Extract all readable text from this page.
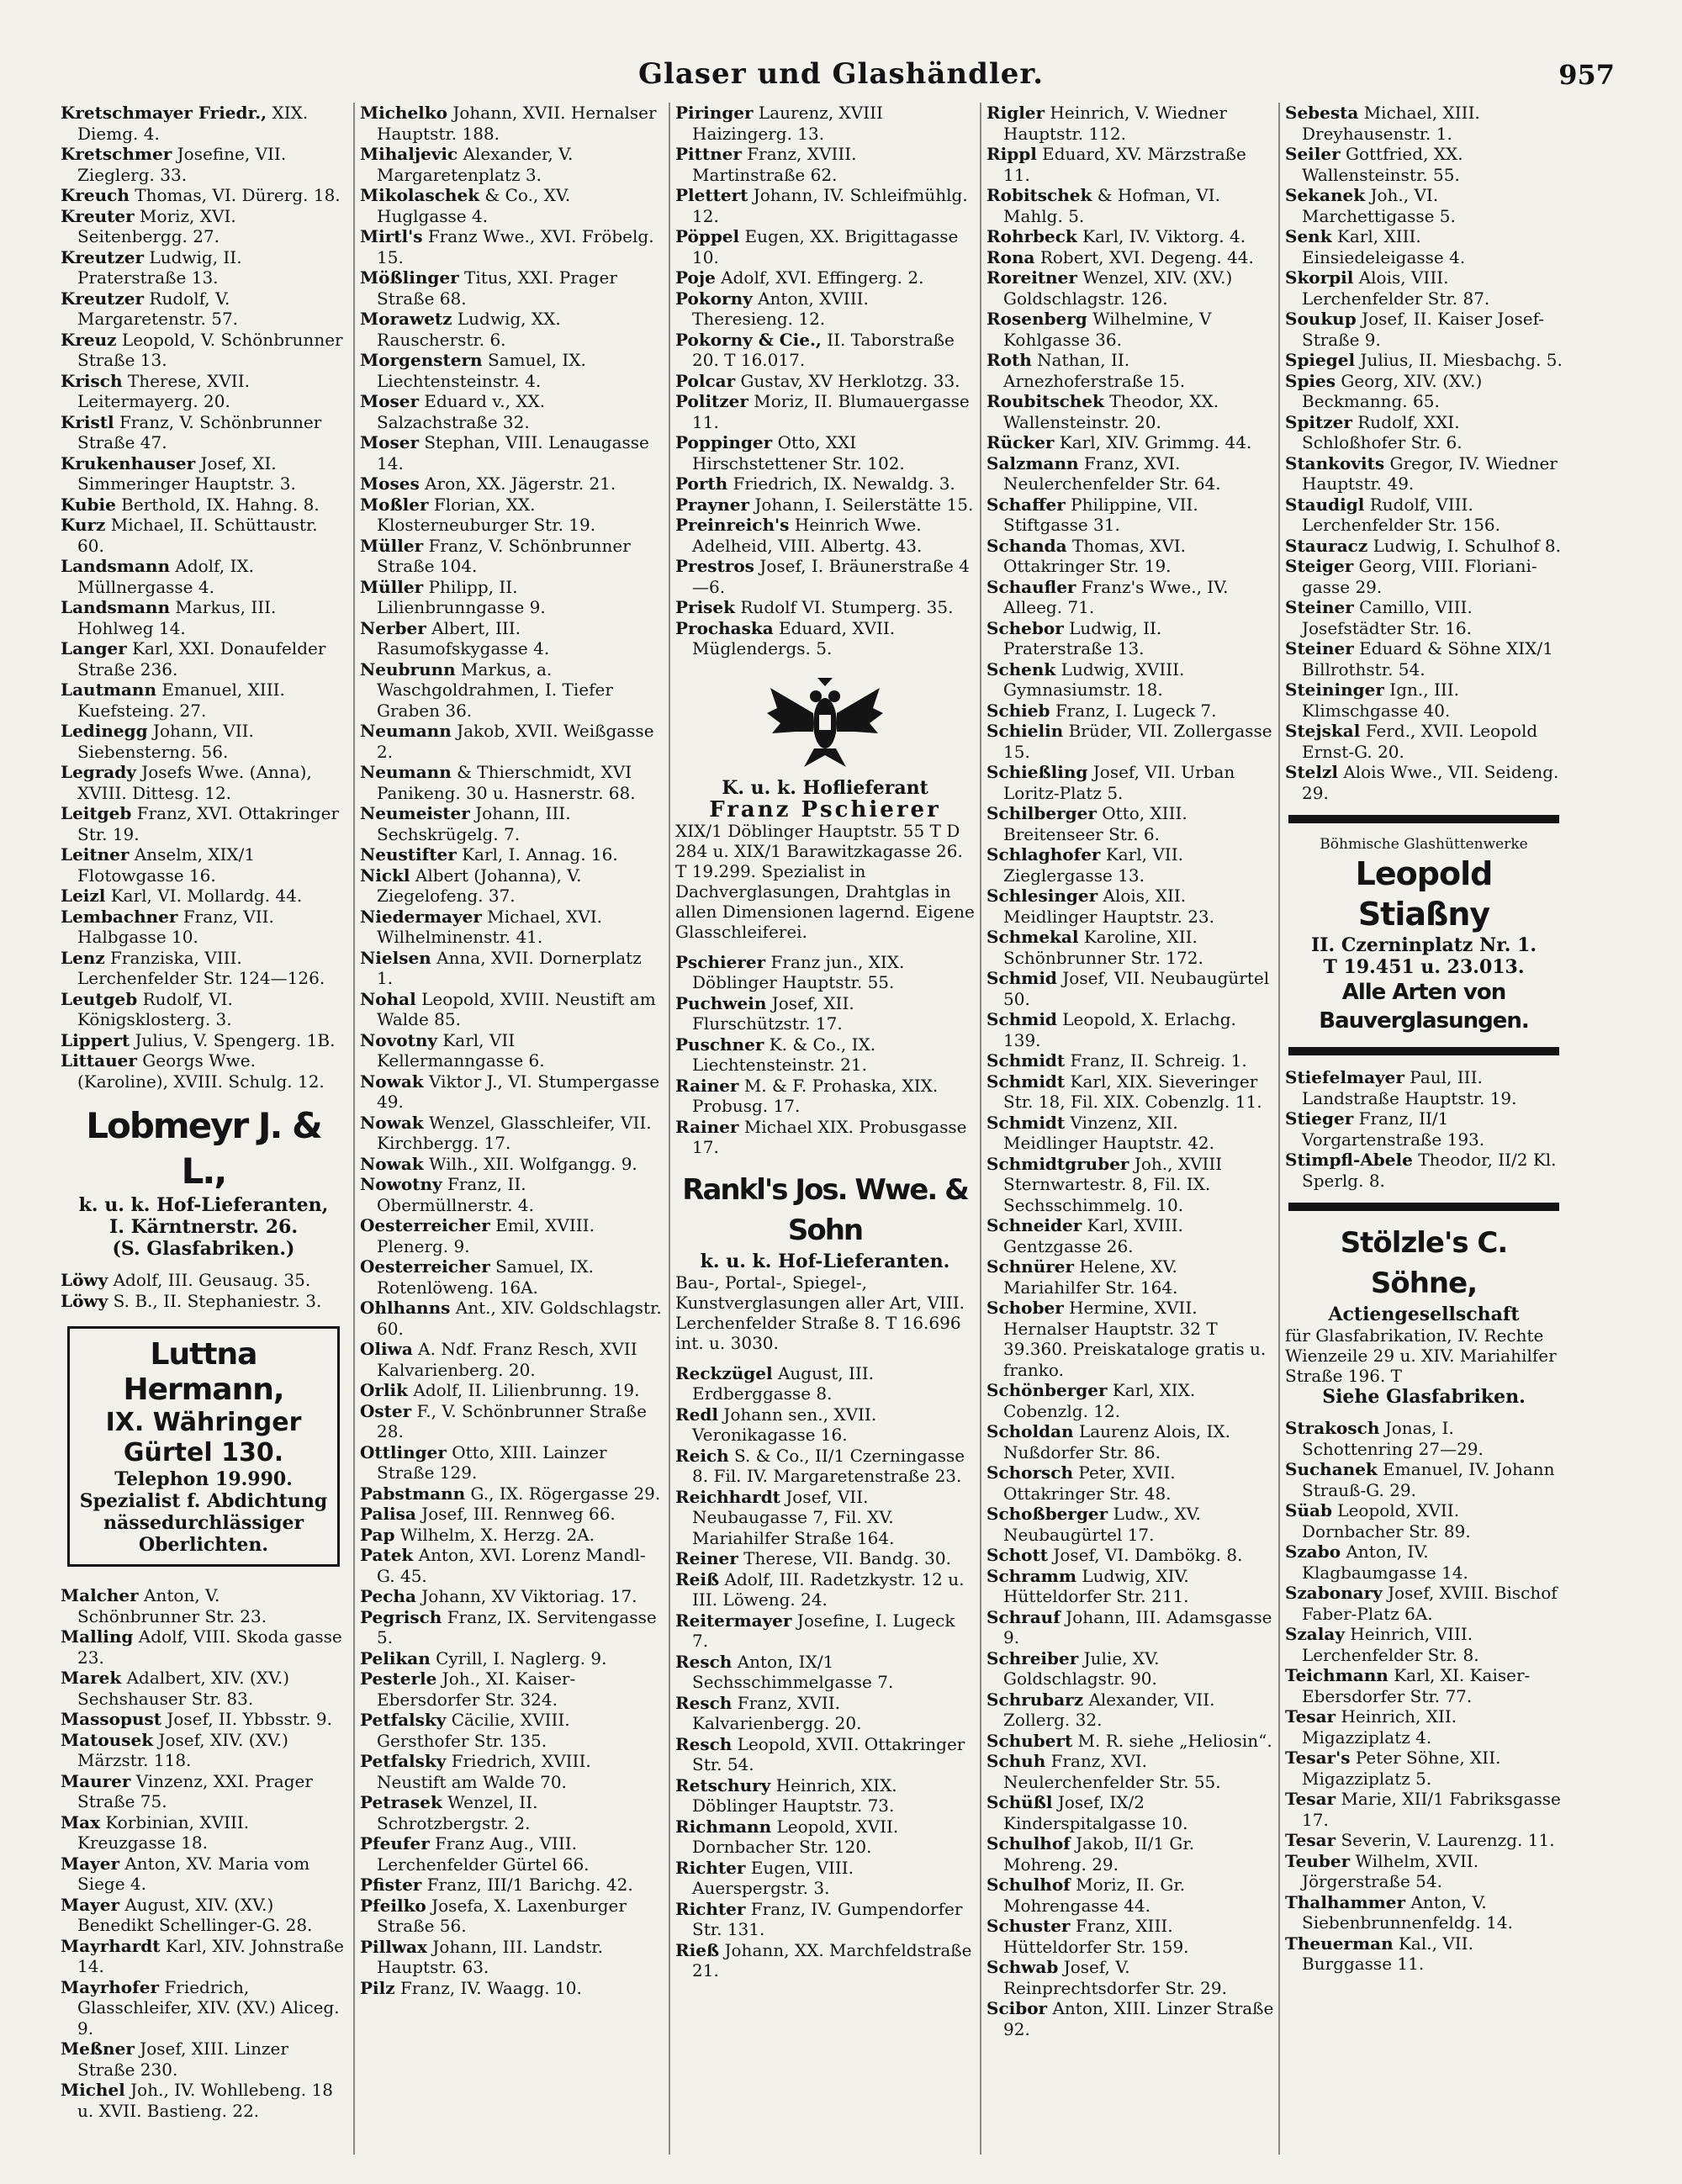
Glaser und Glashändler.	957
Kretschmayer Friedr., XIX. Diemg. 4.
Kretschmer Josefine, VII. Zieglerg. 33.
Kreuch Thomas, VI. Dürerg. 18.
Kreuter Moriz, XVI. Seitenbergg. 27.
Kreutzer Ludwig, II. Praterstraße 13.
Kreutzer Rudolf, V. Margaretenstr. 57.
Kreuz Leopold, V. Schönbrunner Straße 13.
Krisch Therese, XVII. Leitermayerg. 20.
Kristl Franz, V. Schönbrunner Straße 47.
Krukenhauser Josef, XI. Simmeringer Hauptstr. 3.
Kubie Berthold, IX. Hahng. 8.
Kurz Michael, II. Schüttaustr. 60.
Landsmann Adolf, IX. Müllnergasse 4.
Landsmann Markus, III. Hohlweg 14.
Langer Karl, XXI. Donaufelder Straße 236.
Lautmann Emanuel, XIII. Kuefsteing. 27.
Ledinegg Johann, VII. Siebensterng. 56.
Legrady Josefs Wwe. (Anna), XVIII. Dittesg. 12.
Leitgeb Franz, XVI. Ottakringer Str. 19.
Leitner Anselm, XIX/1 Flotowgasse 16.
Leizl Karl, VI. Mollardg. 44.
Lembachner Franz, VII. Halbgasse 10.
Lenz Franziska, VIII. Lerchenfelder Str. 124—126.
Leutgeb Rudolf, VI. Königsklosterg. 3.
Lippert Julius, V. Spengerg. 1B.
Littauer Georgs Wwe. (Karoline), XVIII. Schulg. 12.
Lobmeyr J. & L.,
k. u. k. Hof-Lieferanten,
I. Kärntnerstr. 26.
(S. Glasfabriken.)
Löwy Adolf, III. Geusaug. 35.
Löwy S. B., II. Stephaniestr. 3.
Luttna Hermann,
IX. Währinger Gürtel 130.
Telephon 19.990.
Spezialist f. Abdichtung
nässedurchlässiger Oberlichten.
Malcher Anton, V. Schönbrunner Str. 23.
Malling Adolf, VIII. Skoda gasse 23.
Marek Adalbert, XIV. (XV.) Sechshauser Str. 83.
Massopust Josef, II. Ybbsstr. 9.
Matousek Josef, XIV. (XV.) Märzstr. 118.
Maurer Vinzenz, XXI. Prager Straße 75.
Max Korbinian, XVIII. Kreuzgasse 18.
Mayer Anton, XV. Maria vom Siege 4.
Mayer August, XIV. (XV.) Benedikt Schellinger-G. 28.
Mayrhardt Karl, XIV. Johnstraße 14.
Mayrhofer Friedrich, Glasschleifer, XIV. (XV.) Aliceg. 9.
Meßner Josef, XIII. Linzer Straße 230.
Michel Joh., IV. Wohllebeng. 18 u. XVII. Bastieng. 22.
Michelko Johann, XVII. Hernalser Hauptstr. 188.
Mihaljevic Alexander, V. Margaretenplatz 3.
Mikolaschek & Co., XV. Huglgasse 4.
Mirtl's Franz Wwe., XVI. Fröbelg. 15.
Mößlinger Titus, XXI. Prager Straße 68.
Morawetz Ludwig, XX. Rauscherstr. 6.
Morgenstern Samuel, IX. Liechtensteinstr. 4.
Moser Eduard v., XX. Salzachstraße 32.
Moser Stephan, VIII. Lenaugasse 14.
Moses Aron, XX. Jägerstr. 21.
Moßler Florian, XX. Klosterneuburger Str. 19.
Müller Franz, V. Schönbrunner Straße 104.
Müller Philipp, II. Lilienbrunngasse 9.
Nerber Albert, III. Rasumofskygasse 4.
Neubrunn Markus, a. Waschgoldrahmen, I. Tiefer Graben 36.
Neumann Jakob, XVII. Weißgasse 2.
Neumann & Thierschmidt, XVI Panikeng. 30 u. Hasnerstr. 68.
Neumeister Johann, III. Sechskrügelg. 7.
Neustifter Karl, I. Annag. 16.
Nickl Albert (Johanna), V. Ziegelofeng. 37.
Niedermayer Michael, XVI. Wilhelminenstr. 41.
Nielsen Anna, XVII. Dornerplatz 1.
Nohal Leopold, XVIII. Neustift am Walde 85.
Novotny Karl, VII Kellermanngasse 6.
Nowak Viktor J., VI. Stumpergasse 49.
Nowak Wenzel, Glasschleifer, VII. Kirchbergg. 17.
Nowak Wilh., XII. Wolfgangg. 9.
Nowotny Franz, II. Obermüllnerstr. 4.
Oesterreicher Emil, XVIII. Plenerg. 9.
Oesterreicher Samuel, IX. Rotenlöweng. 16A.
Ohlhanns Ant., XIV. Goldschlagstr. 60.
Oliwa A. Ndf. Franz Resch, XVII Kalvarienberg. 20.
Orlik Adolf, II. Lilienbrunng. 19.
Oster F., V. Schönbrunner Straße 28.
Ottlinger Otto, XIII. Lainzer Straße 129.
Pabstmann G., IX. Rögergasse 29.
Palisa Josef, III. Rennweg 66.
Pap Wilhelm, X. Herzg. 2A.
Patek Anton, XVI. Lorenz Mandl-G. 45.
Pecha Johann, XV Viktoriag. 17.
Pegrisch Franz, IX. Servitengasse 5.
Pelikan Cyrill, I. Naglerg. 9.
Pesterle Joh., XI. Kaiser-Ebersdorfer Str. 324.
Petfalsky Cäcilie, XVIII. Gersthofer Str. 135.
Petfalsky Friedrich, XVIII. Neustift am Walde 70.
Petrasek Wenzel, II. Schrotzbergstr. 2.
Pfeufer Franz Aug., VIII. Lerchenfelder Gürtel 66.
Pfister Franz, III/1 Barichg. 42.
Pfeilko Josefa, X. Laxenburger Straße 56.
Pillwax Johann, III. Landstr. Hauptstr. 63.
Pilz Franz, IV. Waagg. 10.
Piringer Laurenz, XVIII Haizingerg. 13.
Pittner Franz, XVIII. Martinstraße 62.
Plettert Johann, IV. Schleifmühlg. 12.
Pöppel Eugen, XX. Brigittagasse 10.
Poje Adolf, XVI. Effingerg. 2.
Pokorny Anton, XVIII. Theresieng. 12.
Pokorny & Cie., II. Taborstraße 20. T 16.017.
Polcar Gustav, XV Herklotzg. 33.
Politzer Moriz, II. Blumauergasse 11.
Poppinger Otto, XXI Hirschstettener Str. 102.
Porth Friedrich, IX. Newaldg. 3.
Prayner Johann, I. Seilerstätte 15.
Preinreich's Heinrich Wwe. Adelheid, VIII. Albertg. 43.
Prestros Josef, I. Bräunerstraße 4—6.
Prisek Rudolf VI. Stumperg. 35.
Prochaska Eduard, XVII. Müglendergs. 5.
K. u. k. Hoflieferant
Franz Pschierer
XIX/1 Döblinger Hauptstr. 55 T D 284 u. XIX/1 Barawitzkagasse 26. T 19.299. Spezialist in Dachverglasungen, Drahtglas in allen Dimensionen lagernd. Eigene Glasschleiferei.
Pschierer Franz jun., XIX. Döblinger Hauptstr. 55.
Puchwein Josef, XII. Flurschützstr. 17.
Puschner K. & Co., IX. Liechtensteinstr. 21.
Rainer M. & F. Prohaska, XIX. Probusg. 17.
Rainer Michael XIX. Probusgasse 17.
Rankl's Jos. Wwe. & Sohn
k. u. k. Hof-Lieferanten.
Bau-, Portal-, Spiegel-, Kunstverglasungen aller Art, VIII. Lerchenfelder Straße 8. T 16.696 int. u. 3030.
Reckzügel August, III. Erdberggasse 8.
Redl Johann sen., XVII. Veronikagasse 16.
Reich S. & Co., II/1 Czerningasse 8. Fil. IV. Margaretenstraße 23.
Reichhardt Josef, VII. Neubaugasse 7, Fil. XV. Mariahilfer Straße 164.
Reiner Therese, VII. Bandg. 30.
Reiß Adolf, III. Radetzkystr. 12 u. III. Löweng. 24.
Reitermayer Josefine, I. Lugeck 7.
Resch Anton, IX/1 Sechsschimmelgasse 7.
Resch Franz, XVII. Kalvarienbergg. 20.
Resch Leopold, XVII. Ottakringer Str. 54.
Retschury Heinrich, XIX. Döblinger Hauptstr. 73.
Richmann Leopold, XVII. Dornbacher Str. 120.
Richter Eugen, VIII. Auerspergstr. 3.
Richter Franz, IV. Gumpendorfer Str. 131.
Rieß Johann, XX. Marchfeldstraße 21.
Rigler Heinrich, V. Wiedner Hauptstr. 112.
Rippl Eduard, XV. Märzstraße 11.
Robitschek & Hofman, VI. Mahlg. 5.
Rohrbeck Karl, IV. Viktorg. 4.
Rona Robert, XVI. Degeng. 44.
Roreitner Wenzel, XIV. (XV.) Goldschlagstr. 126.
Rosenberg Wilhelmine, V Kohlgasse 36.
Roth Nathan, II. Arnezhoferstraße 15.
Roubitschek Theodor, XX. Wallensteinstr. 20.
Rücker Karl, XIV. Grimmg. 44.
Salzmann Franz, XVI. Neulerchenfelder Str. 64.
Schaffer Philippine, VII. Stiftgasse 31.
Schanda Thomas, XVI. Ottakringer Str. 19.
Schaufler Franz's Wwe., IV. Alleeg. 71.
Schebor Ludwig, II. Praterstraße 13.
Schenk Ludwig, XVIII. Gymnasiumstr. 18.
Schieb Franz, I. Lugeck 7.
Schielin Brüder, VII. Zollergasse 15.
Schießling Josef, VII. Urban Loritz-Platz 5.
Schilberger Otto, XIII. Breitenseer Str. 6.
Schlaghofer Karl, VII. Zieglergasse 13.
Schlesinger Alois, XII. Meidlinger Hauptstr. 23.
Schmekal Karoline, XII. Schönbrunner Str. 172.
Schmid Josef, VII. Neubaugürtel 50.
Schmid Leopold, X. Erlachg. 139.
Schmidt Franz, II. Schreig. 1.
Schmidt Karl, XIX. Sieveringer Str. 18, Fil. XIX. Cobenzlg. 11.
Schmidt Vinzenz, XII. Meidlinger Hauptstr. 42.
Schmidtgruber Joh., XVIII Sternwartestr. 8, Fil. IX. Sechsschimmelg. 10.
Schneider Karl, XVIII. Gentzgasse 26.
Schnürer Helene, XV. Mariahilfer Str. 164.
Schober Hermine, XVII. Hernalser Hauptstr. 32 T 39.360. Preiskataloge gratis u. franko.
Schönberger Karl, XIX. Cobenzlg. 12.
Scholdan Laurenz Alois, IX. Nußdorfer Str. 86.
Schorsch Peter, XVII. Ottakringer Str. 48.
Schoßberger Ludw., XV. Neubaugürtel 17.
Schott Josef, VI. Dambökg. 8.
Schramm Ludwig, XIV. Hütteldorfer Str. 211.
Schrauf Johann, III. Adamsgasse 9.
Schreiber Julie, XV. Goldschlagstr. 90.
Schrubarz Alexander, VII. Zollerg. 32.
Schubert M. R. siehe „Heliosin“.
Schuh Franz, XVI. Neulerchenfelder Str. 55.
Schüßl Josef, IX/2 Kinderspitalgasse 10.
Schulhof Jakob, II/1 Gr. Mohreng. 29.
Schulhof Moriz, II. Gr. Mohrengasse 44.
Schuster Franz, XIII. Hütteldorfer Str. 159.
Schwab Josef, V. Reinprechtsdorfer Str. 29.
Scibor Anton, XIII. Linzer Straße 92.
Sebesta Michael, XIII. Dreyhausenstr. 1.
Seiler Gottfried, XX. Wallensteinstr. 55.
Sekanek Joh., VI. Marchettigasse 5.
Senk Karl, XIII. Einsiedeleigasse 4.
Skorpil Alois, VIII. Lerchenfelder Str. 87.
Soukup Josef, II. Kaiser Josef-Straße 9.
Spiegel Julius, II. Miesbachg. 5.
Spies Georg, XIV. (XV.) Beckmanng. 65.
Spitzer Rudolf, XXI. Schloßhofer Str. 6.
Stankovits Gregor, IV. Wiedner Hauptstr. 49.
Staudigl Rudolf, VIII. Lerchenfelder Str. 156.
Stauracz Ludwig, I. Schulhof 8.
Steiger Georg, VIII. Floriani-gasse 29.
Steiner Camillo, VIII. Josefstädter Str. 16.
Steiner Eduard & Söhne XIX/1 Billrothstr. 54.
Steininger Ign., III. Klimschgasse 40.
Stejskal Ferd., XVII. Leopold Ernst-G. 20.
Stelzl Alois Wwe., VII. Seideng. 29.
Böhmische Glashüttenwerke
Leopold Stiaßny
II. Czerninplatz Nr. 1.
T 19.451 u. 23.013.
Alle Arten von Bauverglasungen.
Stiefelmayer Paul, III. Landstraße Hauptstr. 19.
Stieger Franz, II/1 Vorgartenstraße 193.
Stimpfl-Abele Theodor, II/2 Kl. Sperlg. 8.
Stölzle's C. Söhne,
Actiengesellschaft
für Glasfabrikation, IV. Rechte Wienzeile 29 u. XIV. Mariahilfer Straße 196. T
Siehe Glasfabriken.
Strakosch Jonas, I. Schottenring 27—29.
Suchanek Emanuel, IV. Johann Strauß-G. 29.
Süab Leopold, XVII. Dornbacher Str. 89.
Szabo Anton, IV. Klagbaumgasse 14.
Szabonary Josef, XVIII. Bischof Faber-Platz 6A.
Szalay Heinrich, VIII. Lerchenfelder Str. 8.
Teichmann Karl, XI. Kaiser-Ebersdorfer Str. 77.
Tesar Heinrich, XII. Migazziplatz 4.
Tesar's Peter Söhne, XII. Migazziplatz 5.
Tesar Marie, XII/1 Fabriksgasse 17.
Tesar Severin, V. Laurenzg. 11.
Teuber Wilhelm, XVII. Jörgerstraße 54.
Thalhammer Anton, V. Siebenbrunnenfeldg. 14.
Theuerman Kal., VII. Burggasse 11.
